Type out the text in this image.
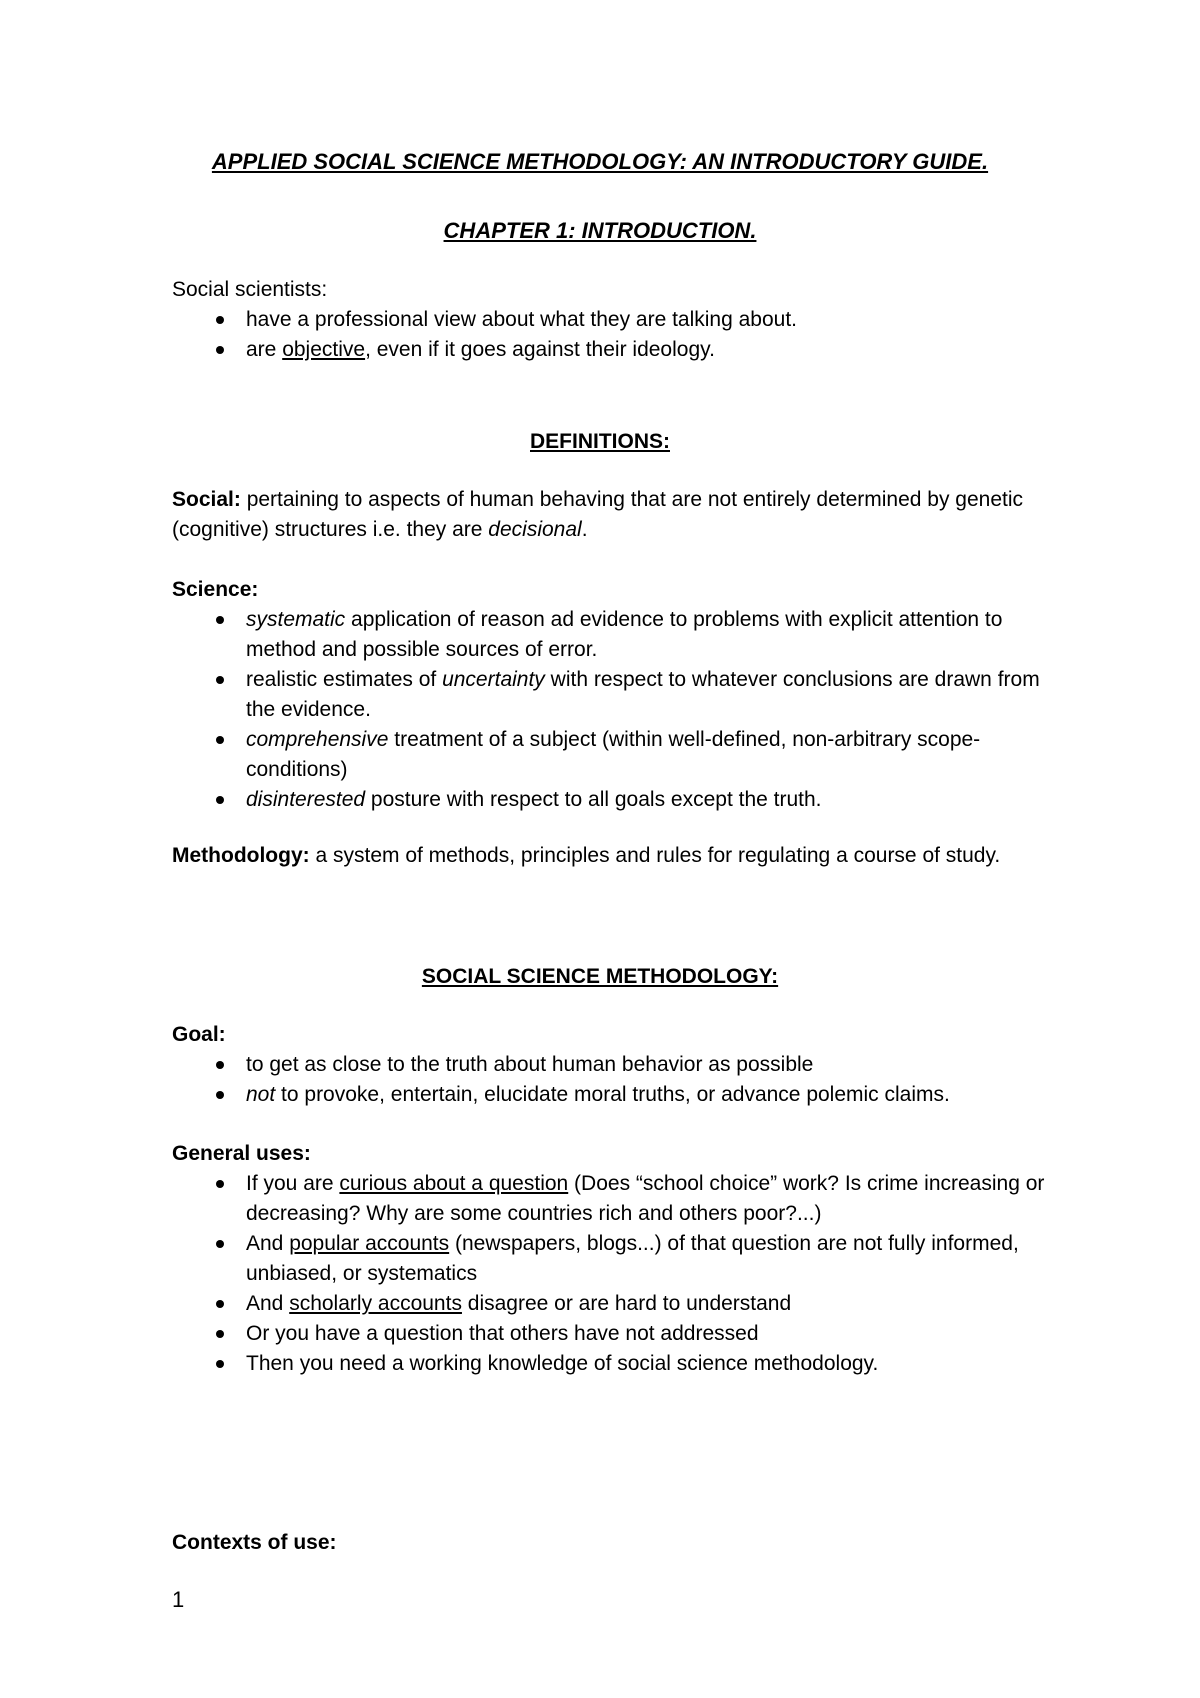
APPLIED SOCIAL SCIENCE METHODOLOGY: AN INTRODUCTORY GUIDE.

CHAPTER 1: INTRODUCTION.

Social scientists:
have a professional view about what they are talking about.
are objective, even if it goes against their ideology.

DEFINITIONS:

Social: pertaining to aspects of human behaving that are not entirely determined by genetic (cognitive) structures i.e. they are decisional.

Science:
systematic application of reason ad evidence to problems with explicit attention to method and possible sources of error.
realistic estimates of uncertainty with respect to whatever conclusions are drawn from the evidence.
comprehensive treatment of a subject (within well-defined, non-arbitrary scope-conditions)
disinterested posture with respect to all goals except the truth.

Methodology: a system of methods, principles and rules for regulating a course of study.

SOCIAL SCIENCE METHODOLOGY:

Goal:
to get as close to the truth about human behavior as possible
not to provoke, entertain, elucidate moral truths, or advance polemic claims.
General uses:
If you are curious about a question (Does “school choice” work? Is crime increasing or decreasing? Why are some countries rich and others poor?...)
And popular accounts (newspapers, blogs...) of that question are not fully informed, unbiased, or systematics
And scholarly accounts disagree or are hard to understand
Or you have a question that others have not addressed
Then you need a working knowledge of social science methodology.

Contexts of use:

1
